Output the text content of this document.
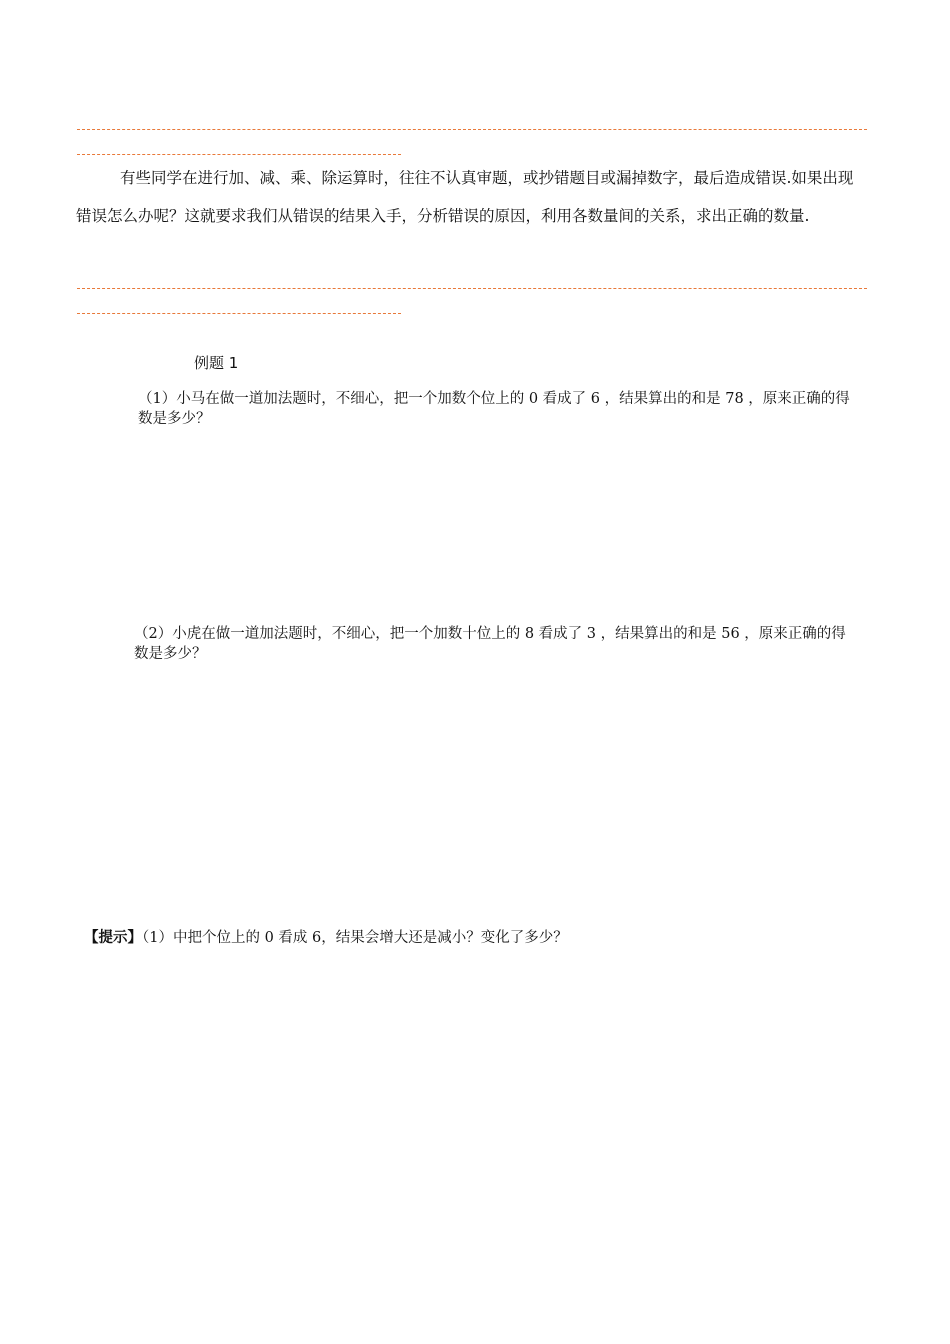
有些同学在进行加、减、乘、除运算时，往往不认真审题，或抄错题目或漏掉数字，最后造成错误.如果出现错误怎么办呢？这就要求我们从错误的结果入手，分析错误的原因，利用各数量间的关系，求出正确的数量.

例题 1

（1）小马在做一道加法题时，不细心，把一个加数个位上的 0 看成了 6 ，结果算出的和是 78 ，原来正确的得数是多少？

（2）小虎在做一道加法题时，不细心，把一个加数十位上的 8 看成了 3 ，结果算出的和是 56 ，原来正确的得数是多少？

【提示】（1）中把个位上的 0 看成 6，结果会增大还是减小？变化了多少？
